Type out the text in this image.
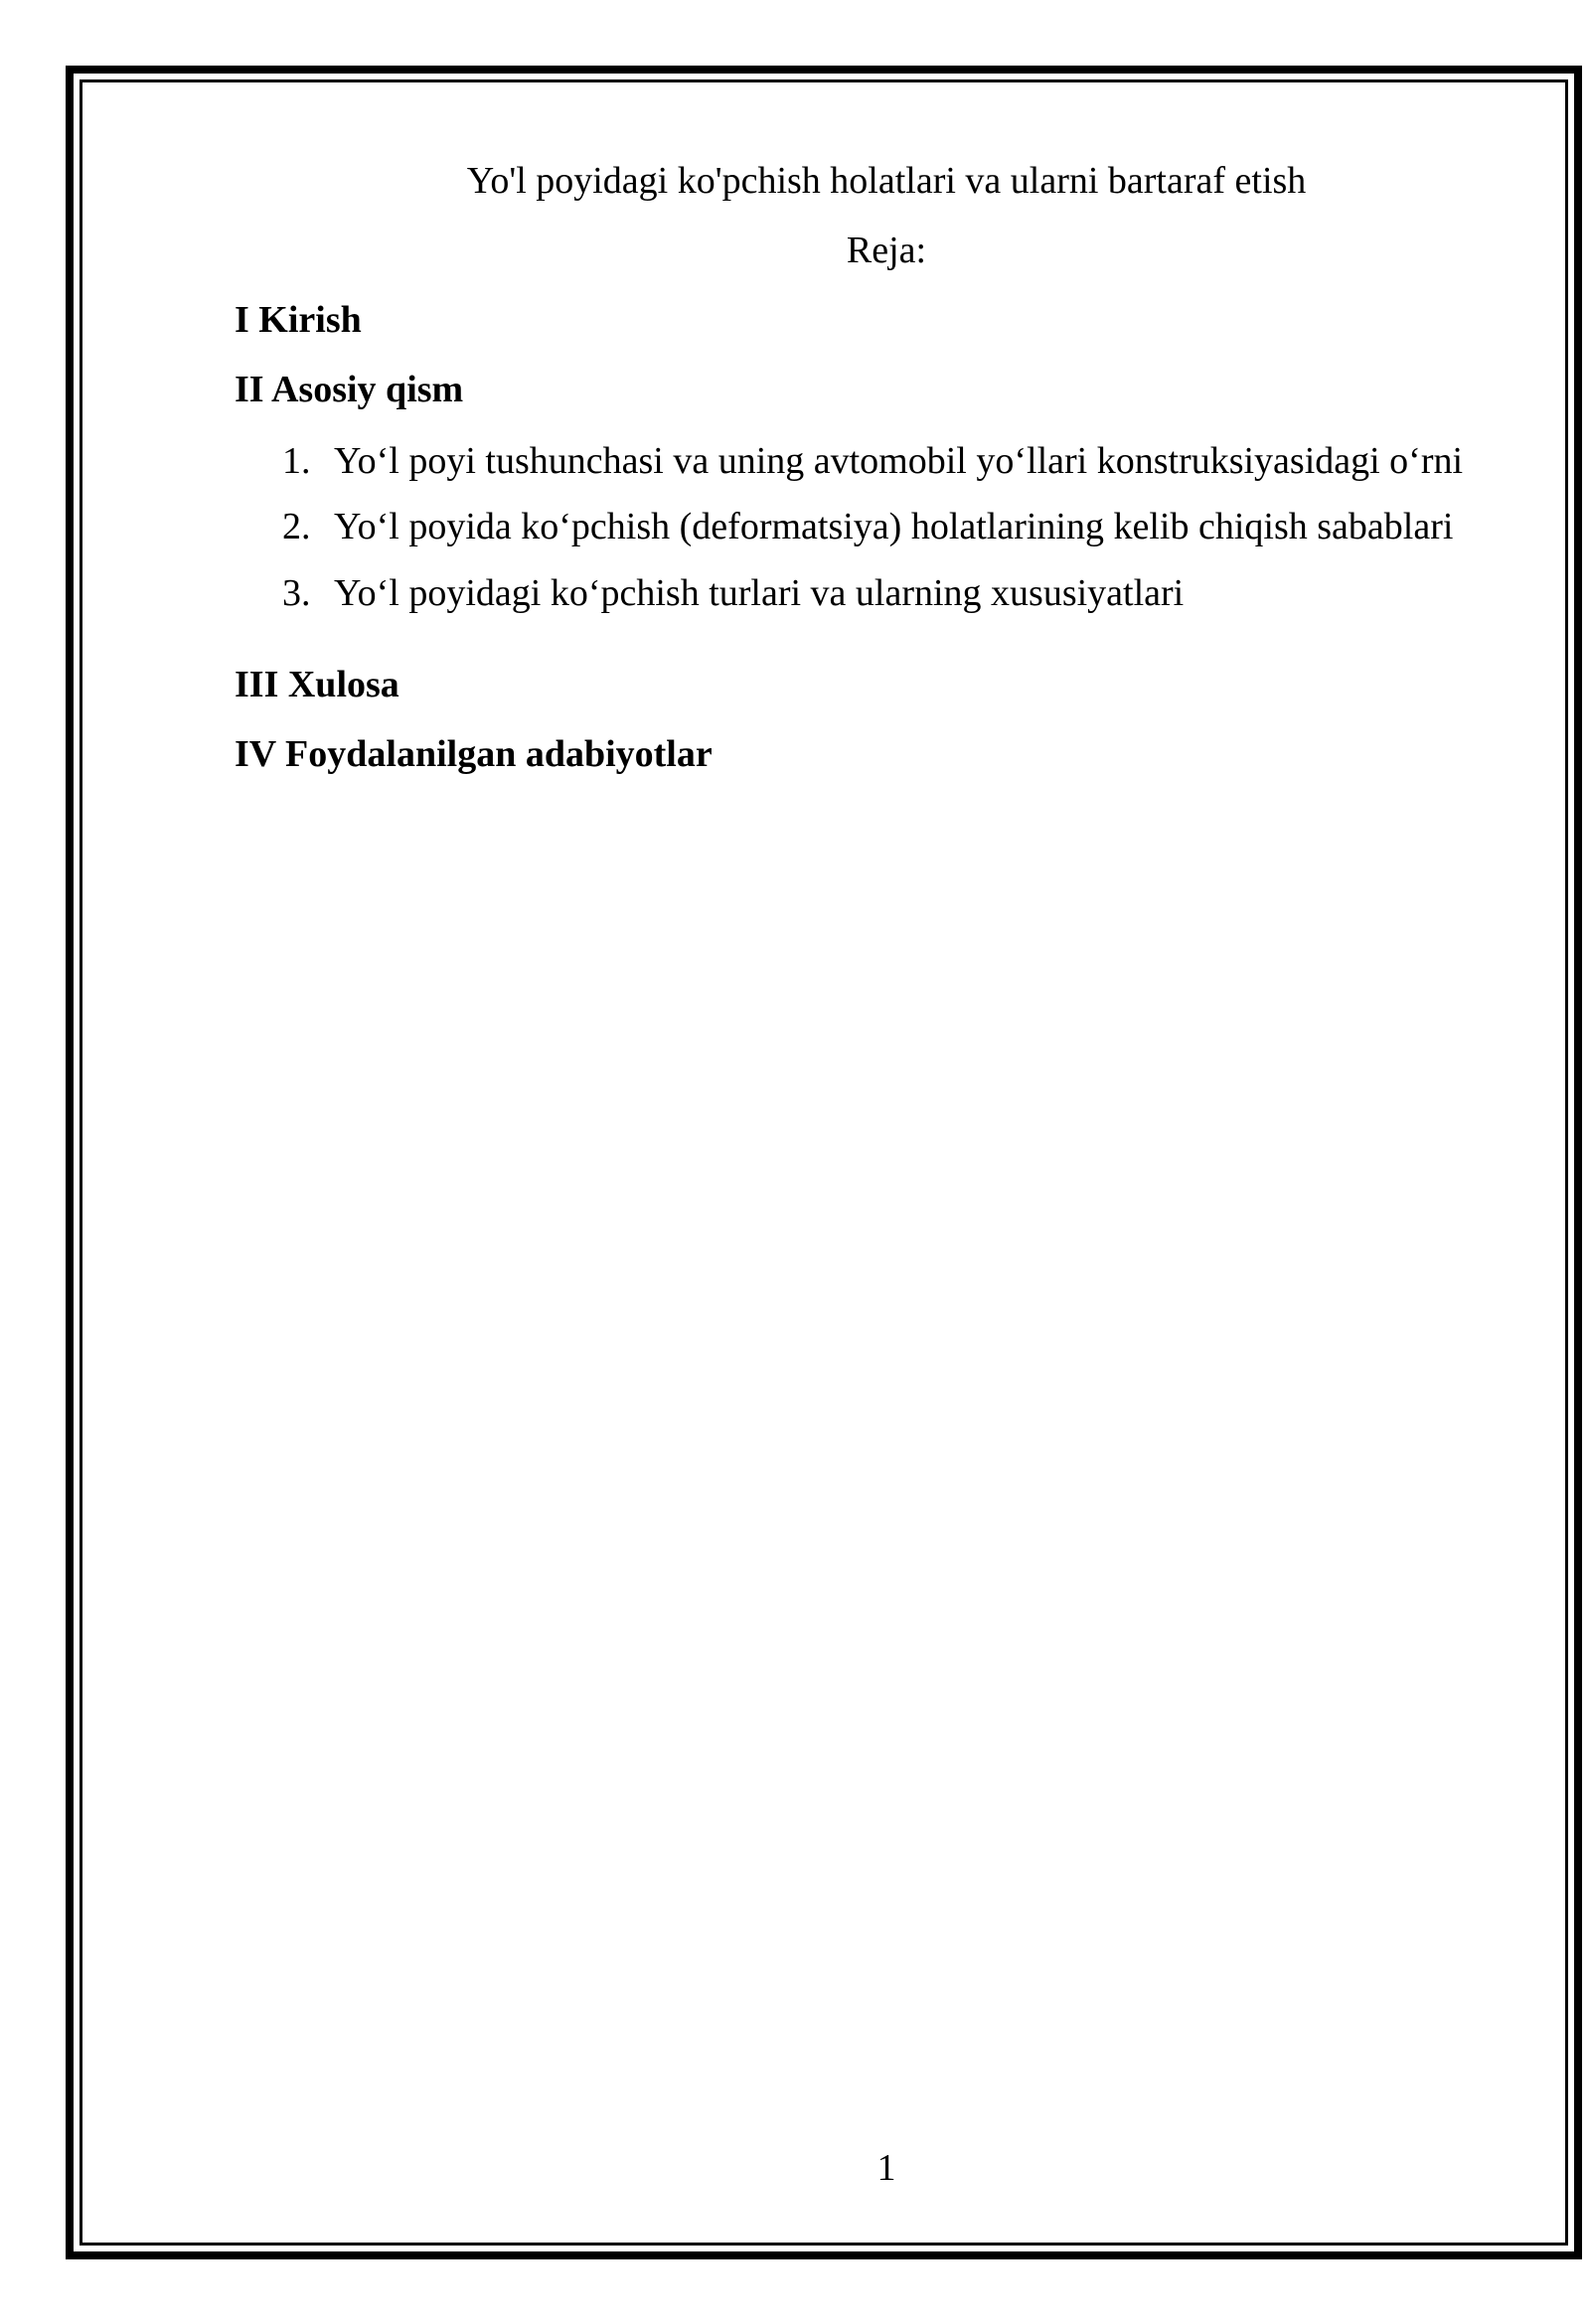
Yo'l poyidagi ko'pchish holatlari va ularni bartaraf etish
Reja:
I Kirish
II Asosiy qism
1. Yo‘l poyi tushunchasi va uning avtomobil yo‘llari konstruksiyasidagi o‘rni
2. Yo‘l poyida ko‘pchish (deformatsiya) holatlarining kelib chiqish sabablari
3. Yo‘l poyidagi ko‘pchish turlari va ularning xususiyatlari
III Xulosa
IV Foydalanilgan adabiyotlar
1
